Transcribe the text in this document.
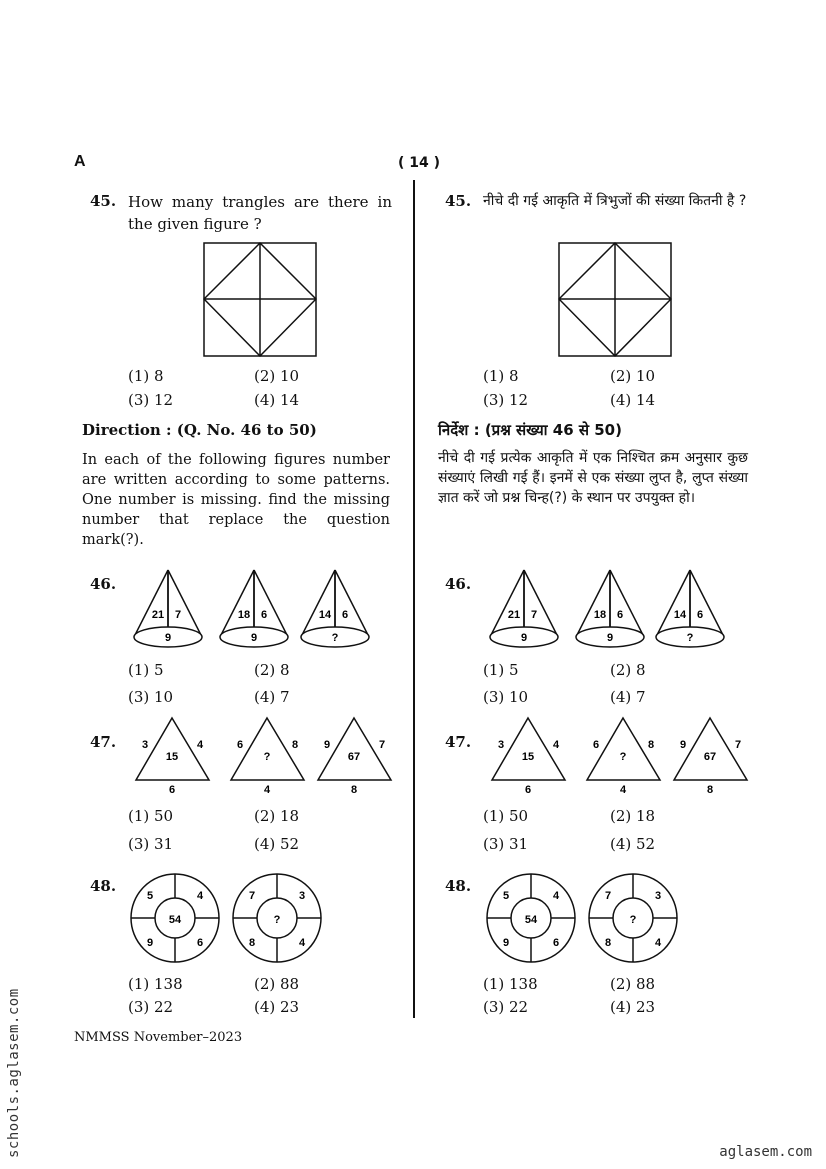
A	( 14 )
45. How many trangles are there in the given figure ?
(1) 8	(2) 10
(3) 12	(4) 14
Direction : (Q. No. 46 to 50)
In each of the following figures number are written according to some patterns. One number is missing. find the missing number that replace the question mark(?).
46.
21 7
9
18 6
9
14 6
?
(1) 5	(2) 8
(3) 10	(4) 7
47. 3	4
15
6
6	8
?
4
9	7
67
8
(1) 50	(2) 18
(3) 31	(4) 52
48.
5	4
9	6
54
7	3
8	4
?
(1) 138	(2) 88
(3) 22	(4) 23
45. नीचे दी गई आकृति में त्रिभुजों की संख्या कितनी है ?
(1) 8	(2) 10
(3) 12	(4) 14
निर्देश : (प्रश्न संख्या 46 से 50)
नीचे दी गई प्रत्येक आकृति में एक निश्चित क्रम अनुसार कुछ संख्याएं लिखी गई हैं। इनमें से एक संख्या लुप्त है, लुप्त संख्या ज्ञात करें जो प्रश्न चिन्ह(?) के स्थान पर उपयुक्त हो।
46.
21 7
9
18 6
9
14 6
?
(1) 5	(2) 8
(3) 10	(4) 7
47. 3	4
15
6
6	8
?
4
9	7
67
8
(1) 50	(2) 18
(3) 31	(4) 52
48.
5	4
9	6
54
7	3
8	4
?
(1) 138	(2) 88
(3) 22	(4) 23
NMMSS November–2023
schools.aglasem.com	aglasem.com
